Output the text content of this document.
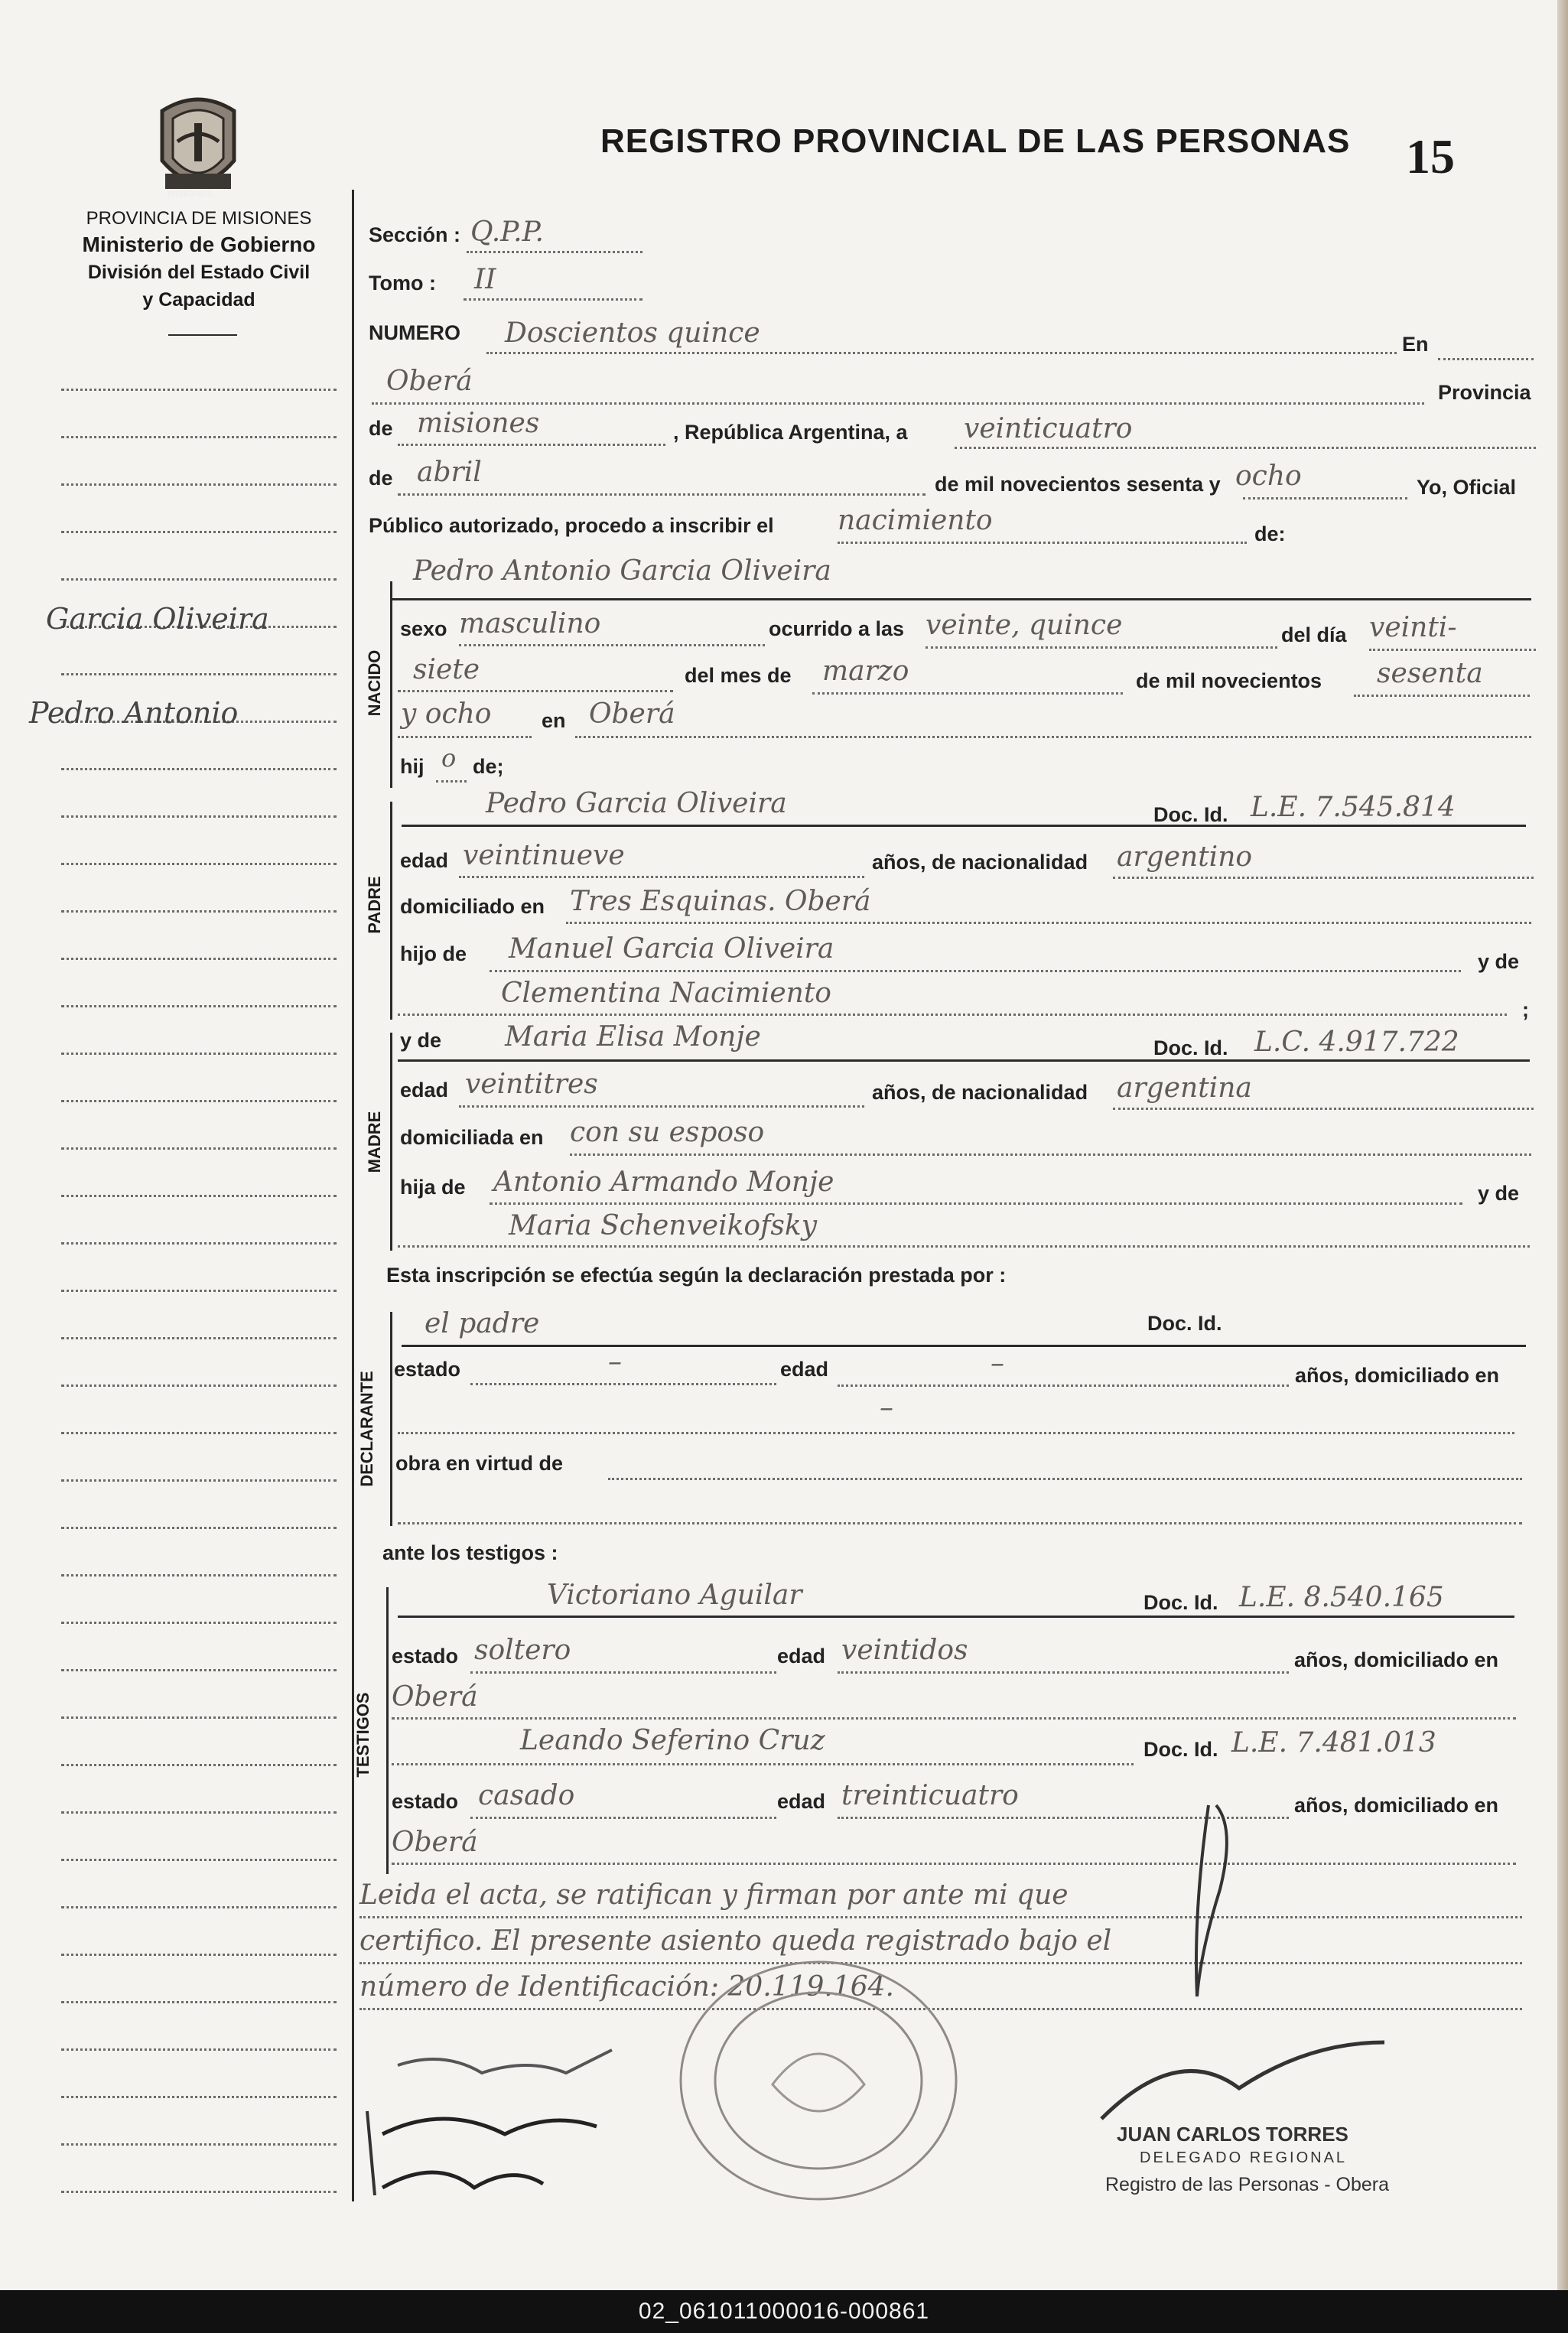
MISIONES
PROVINCIA DE MISIONES
Ministerio de Gobierno
División del Estado Civil
y Capacidad
REGISTRO PROVINCIAL DE LAS PERSONAS 15
Garcia Oliveira
Pedro Antonio
Sección : Q.P.P.
Tomo : II
NUMERO Doscientos quince	En
Oberá	Provincia
de misiones	, República Argentina, a veinticuatro
de abril	de mil novecientos sesenta y ocho	Yo, Oficial
Público autorizado, procedo a inscribir el nacimiento	de:
NACIDO
Pedro Antonio Garcia Oliveira
sexo masculino	ocurrido a las veinte, quince	del día veinti-
siete	del mes de marzo	de mil novecientos sesenta
y ocho en Oberá
hij o de;
PADRE
Pedro Garcia Oliveira	Doc. Id. L.E. 7.545.814
edad veintinueve	años, de nacionalidad argentino
domiciliado en Tres Esquinas. Oberá
hijo de Manuel Garcia Oliveira	y de
Clementina Nacimiento
;
MADRE
y de Maria Elisa Monje	Doc. Id. L.C. 4.917.722
edad veintitres	años, de nacionalidad argentina
domiciliada en con su esposo
hija de Antonio Armando Monje	y de
Maria Schenveikofsky
Esta inscripción se efectúa según la declaración prestada por :
DECLARANTE
el padre	Doc. Id.
estado	–	edad	–	años, domiciliado en
–
obra en virtud de
ante los testigos :
TESTIGOS
Victoriano Aguilar	Doc. Id. L.E. 8.540.165
estado soltero	edad veintidos	años, domiciliado en
Oberá
Leando Seferino Cruz	Doc. Id. L.E. 7.481.013
estado casado	edad treinticuatro	años, domiciliado en
Oberá
Leida el acta, se ratifican y firman por ante mi que
certifico. El presente asiento queda registrado bajo el
número de Identificación: 20.119.164.
JUAN CARLOS TORRES
DELEGADO REGIONAL
Registro de las Personas - Obera
02_061011000016-000861
